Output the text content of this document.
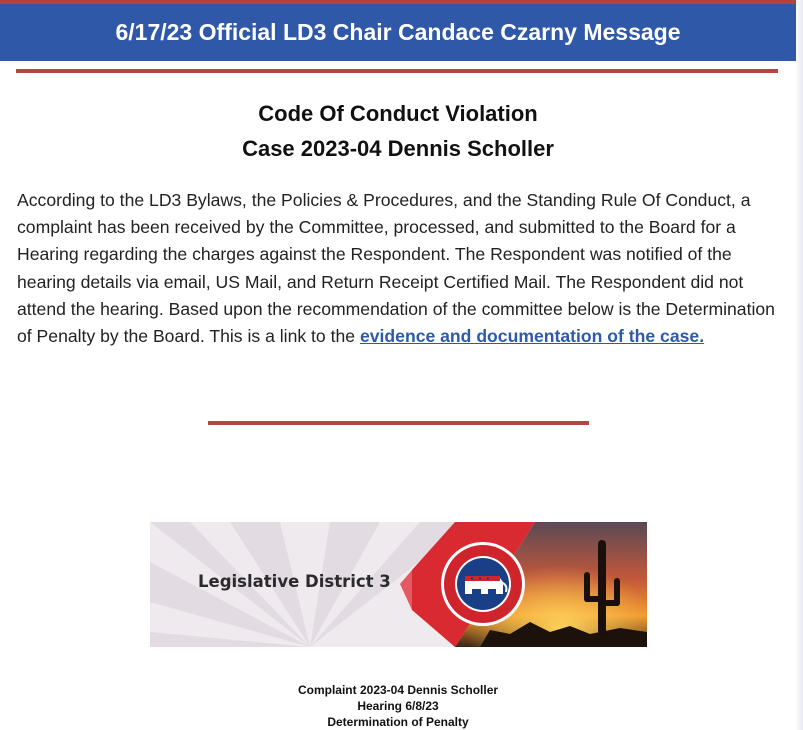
6/17/23 Official LD3 Chair Candace Czarny Message
Code Of Conduct Violation
Case 2023-04 Dennis Scholler

According to the LD3 Bylaws, the Policies & Procedures, and the Standing Rule Of Conduct, a complaint has been received by the Committee, processed, and submitted to the Board for a Hearing regarding the charges against the Respondent. The Respondent was notified of the hearing details via email, US Mail, and Return Receipt Certified Mail. The Respondent did not attend the hearing. Based upon the recommendation of the committee below is the Determination of Penalty by the Board. This is a link to the evidence and documentation of the case.

Legislative District 3
Complaint 2023-04 Dennis Scholler
Hearing 6/8/23
Determination of Penalty
